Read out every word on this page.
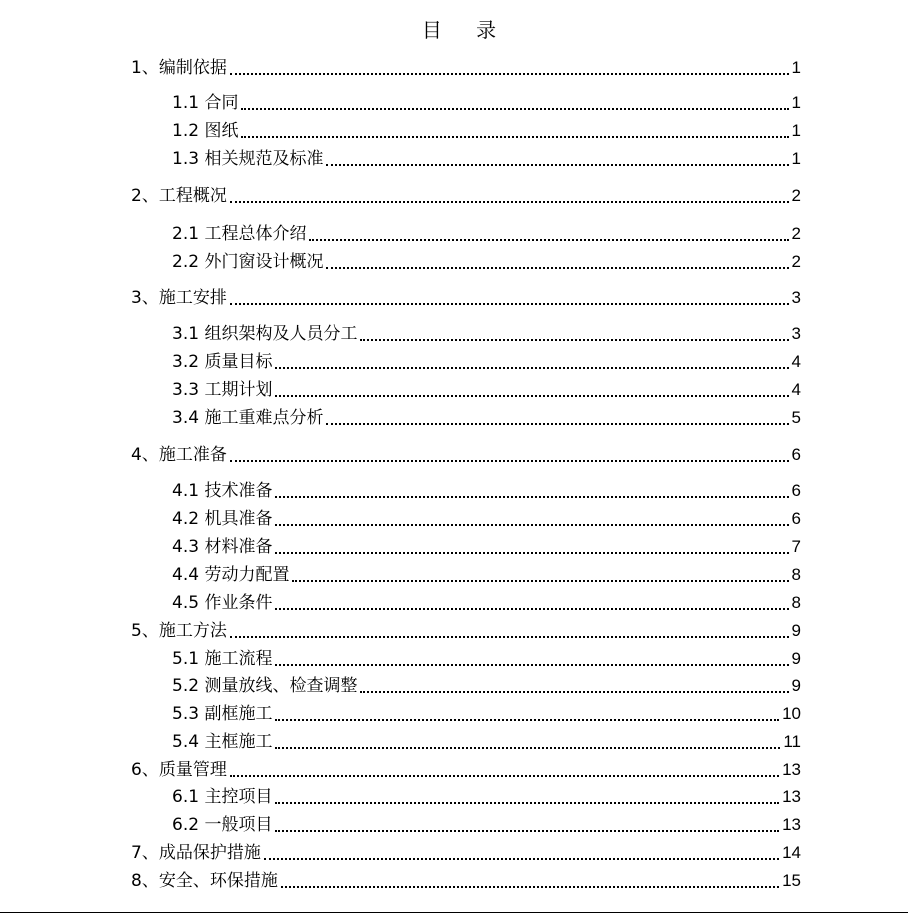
目 录
1、编制依据	1
1.1 合同	1
1.2 图纸	1
1.3 相关规范及标准	1
2、工程概况	2
2.1 工程总体介绍	2
2.2 外门窗设计概况	2
3、施工安排	3
3.1 组织架构及人员分工	3
3.2 质量目标	4
3.3 工期计划	4
3.4 施工重难点分析	5
4、施工准备	6
4.1 技术准备	6
4.2 机具准备	6
4.3 材料准备	7
4.4 劳动力配置	8
4.5 作业条件	8
5、施工方法	9
5.1 施工流程	9
5.2 测量放线、检查调整	9
5.3 副框施工	10
5.4 主框施工	11
6、质量管理	13
6.1 主控项目	13
6.2 一般项目	13
7、成品保护措施	14
8、安全、环保措施	15
